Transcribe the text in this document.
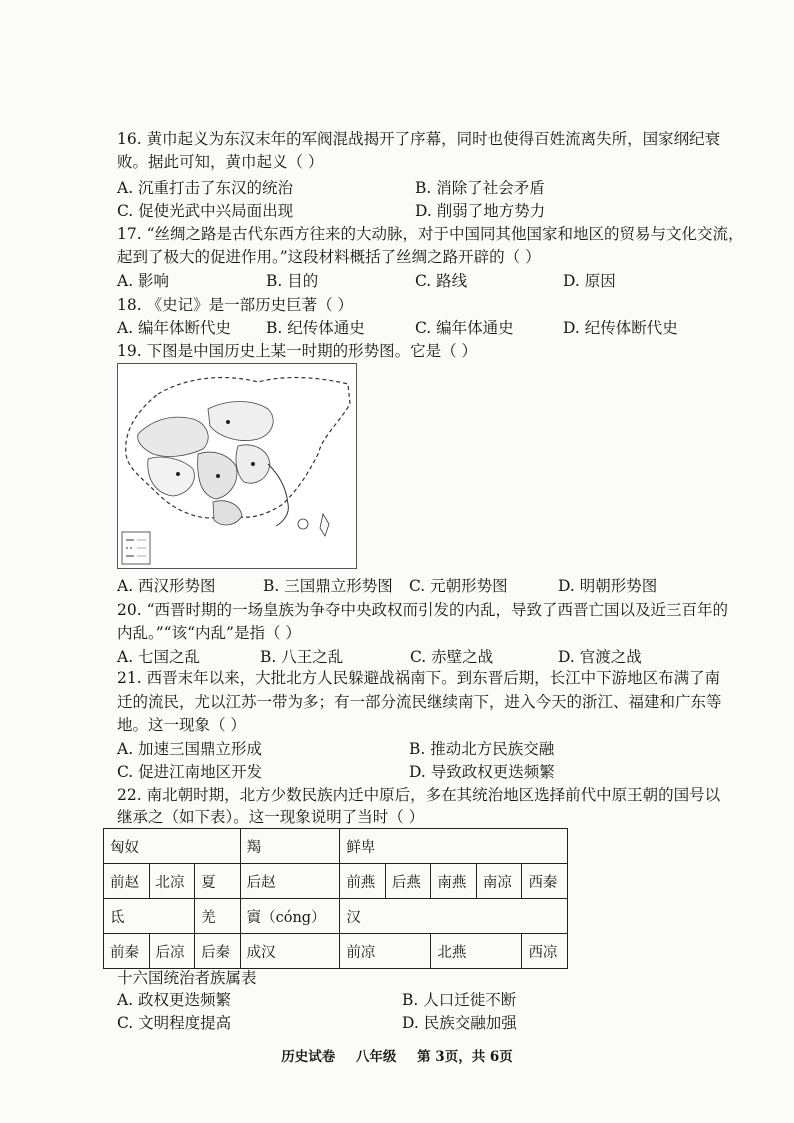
16. 黄巾起义为东汉末年的军阀混战揭开了序幕，同时也使得百姓流离失所，国家纲纪衰
败。据此可知，黄巾起义（ ）
A. 沉重打击了东汉的统治	B. 消除了社会矛盾
C. 促使光武中兴局面出现	D. 削弱了地方势力
17. “丝绸之路是古代东西方往来的大动脉，对于中国同其他国家和地区的贸易与文化交流，
起到了极大的促进作用。”这段材料概括了丝绸之路开辟的（ ）
A. 影响	B. 目的	C. 路线	D. 原因
18. 《史记》是一部历史巨著（ ）
A. 编年体断代史 B. 纪传体通史	C. 编年体通史	D. 纪传体断代史
19. 下图是中国历史上某一时期的形势图。它是（ ）
A. 西汉形势图	B. 三国鼎立形势图 C. 元朝形势图	D. 明朝形势图
20. “西晋时期的一场皇族为争夺中央政权而引发的内乱，导致了西晋亡国以及近三百年的
内乱。”“该“内乱”是指（ ）
A. 七国之乱	B. 八王之乱	C. 赤壁之战	D. 官渡之战
21. 西晋末年以来，大批北方人民躲避战祸南下。到东晋后期，长江中下游地区布满了南
迁的流民，尤以江苏一带为多；有一部分流民继续南下，进入今天的浙江、福建和广东等
地。这一现象（ ）
A. 加速三国鼎立形成	B. 推动北方民族交融
C. 促进江南地区开发	D. 导致政权更迭频繁
22. 南北朝时期，北方少数民族内迁中原后，多在其统治地区选择前代中原王朝的国号以
继承之（如下表）。这一现象说明了当时（ ）
匈奴			羯	鲜卑				
前赵	北凉	夏	后赵	前燕	后燕	南燕	南凉	西秦
氐		羌	賨（cóng）	汉				
前秦	后凉	后秦	成汉	前凉		北燕		西凉
十六国统治者族属表
A. 政权更迭频繁	B. 人口迁徙不断
C. 文明程度提高	D. 民族交融加强
历史试卷 八年级 第 3页，共 6页
